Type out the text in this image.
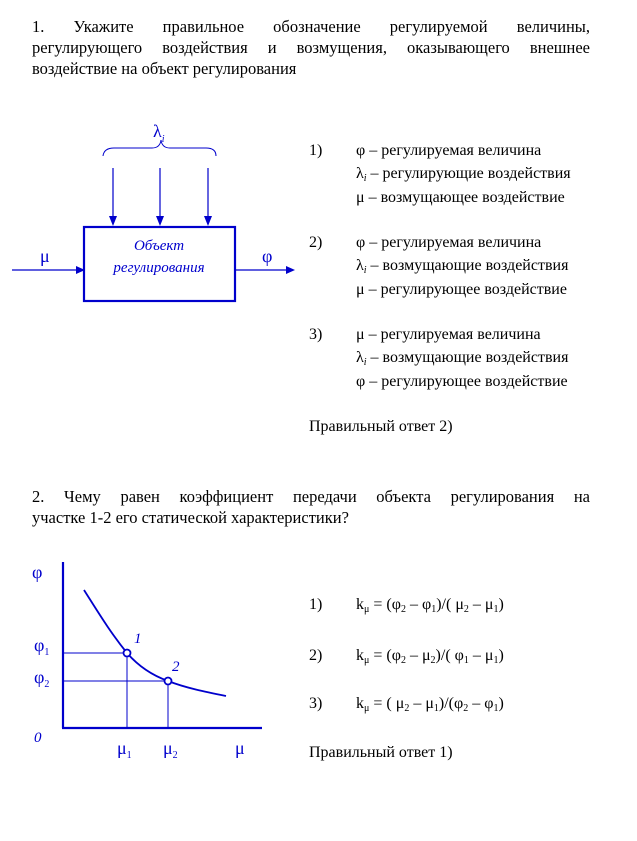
1. Укажите правильное обозначение регулируемой величины,
регулирующего воздействия и возмущения, оказывающего внешнее
воздействие на объект регулирования
$\lambda_i$
Объект
регулирования
μ	φ
1) φ – регулируемая величина
$\lambda_i$ – регулирующие воздействия
μ – возмущающее воздействие
2) φ – регулируемая величина
$\lambda_i$ – возмущающие воздействия
μ – регулирующее воздействие
3) μ – регулируемая величина
$\lambda_i$ – возмущающие воздействия
φ – регулирующее воздействие
Правильный ответ 2)
2. Чему равен коэффициент передачи объекта регулирования на
участке 1-2 его статической характеристики?
φ
μ
0
1
2
$\varphi_1$
$\varphi_2$
$\mu_1$ $\mu_2$
1) $k_\mu = (\varphi_2 - \varphi_1)/$( $\mu_2 - \mu_1$)
2) $k_\mu = (\varphi_2 - \mu_2)/$( $\varphi_1 - \mu_1$)
3) $k_\mu$ = ( $\mu_2 - \mu_1)/(\varphi_2 - \varphi_1)$
Правильный ответ 1)
